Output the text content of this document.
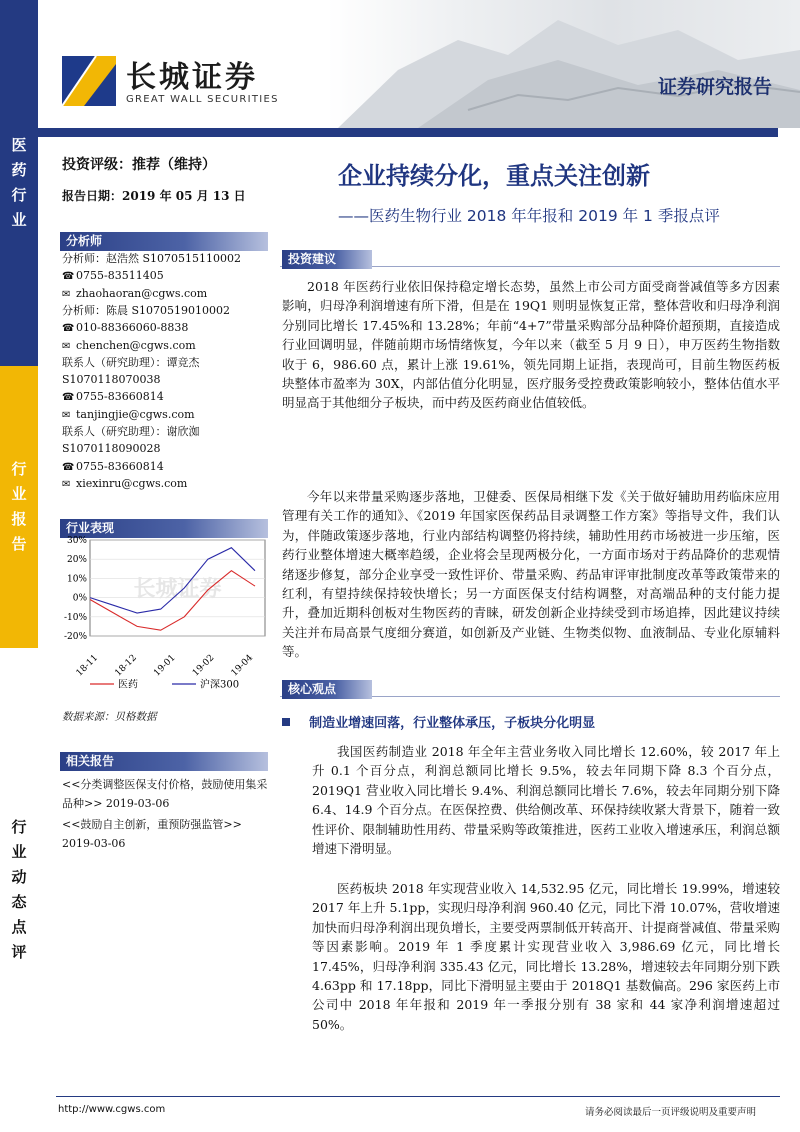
医
药
行
业
行
业
报
告
行
业
动
态
点
评
长城证券
GREAT WALL SECURITIES
证券研究报告
投资评级：推荐（维持）
报告日期：2019 年 05 月 13 日
企业持续分化，重点关注创新
——医药生物行业 2018 年年报和 2019 年 1 季报点评
分析师
分析师：赵浩然 S1070515110002
☎ 0755-83511405
✉ zhaohaoran@cgws.com
分析师：陈晨 S1070519010002
☎ 010-88366060-8838
✉ chenchen@cgws.com
联系人（研究助理）：谭竞杰
S1070118070038
☎ 0755-83660814
✉ tanjingjie@cgws.com
联系人（研究助理）：谢欣洳
S1070118090028
☎ 0755-83660814
✉ xiexinru@cgws.com
行业表现
30%
20%
10%
0%
-10%
-20%
长城证券
18-11 18-12 19-01 19-02 19-04
医药	沪深300
数据来源：贝格数据
相关报告
<<分类调整医保支付价格，鼓励使用集采品种>> 2019-03-06
<<鼓励自主创新，重预防强监管>> 2019-03-06
投资建议
2018 年医药行业依旧保持稳定增长态势，虽然上市公司方面受商誉减值等多方因素影响，归母净利润增速有所下滑，但是在 19Q1 则明显恢复正常，整体营收和归母净利润分别同比增长 17.45%和 13.28%；年前“4+7”带量采购部分品种降价超预期，直接造成行业回调明显，伴随前期市场情绪恢复，今年以来（截至 5 月 9 日），申万医药生物指数收于 6，986.60 点，累计上涨 19.61%，领先同期上证指，表现尚可，目前生物医药板块整体市盈率为 30X，内部估值分化明显，医疗服务受控费政策影响较小，整体估值水平明显高于其他细分子板块，而中药及医药商业估值较低。
今年以来带量采购逐步落地，卫健委、医保局相继下发《关于做好辅助用药临床应用管理有关工作的通知》、《2019 年国家医保药品目录调整工作方案》等指导文件，我们认为，伴随政策逐步落地，行业内部结构调整仍将持续，辅助性用药市场被进一步压缩，医药行业整体增速大概率趋缓，企业将会呈现两极分化，一方面市场对于药品降价的悲观情绪逐步修复，部分企业享受一致性评价、带量采购、药品审评审批制度改革等政策带来的红利，有望持续保持较快增长；另一方面医保支付结构调整，对高端品种的支付能力提升，叠加近期科创板对生物医药的青睐，研发创新企业持续受到市场追捧，因此建议持续关注并布局高景气度细分赛道，如创新及产业链、生物类似物、血液制品、专业化原辅料等。
核心观点
制造业增速回落，行业整体承压，子板块分化明显
我国医药制造业 2018 年全年主营业务收入同比增长 12.60%，较 2017 年上升 0.1 个百分点，利润总额同比增长 9.5%，较去年同期下降 8.3 个百分点，2019Q1 营业收入同比增长 9.4%、利润总额同比增长 7.6%，较去年同期分别下降 6.4、14.9 个百分点。在医保控费、供给侧改革、环保持续收紧大背景下，随着一致性评价、限制辅助性用药、带量采购等政策推进，医药工业收入增速承压，利润总额增速下滑明显。
医药板块 2018 年实现营业收入 14,532.95 亿元，同比增长 19.99%，增速较 2017 年上升 5.1pp，实现归母净利润 960.40 亿元，同比下滑 10.07%，营收增速加快而归母净利润出现负增长，主要受两票制低开转高开、计提商誉减值、带量采购等因素影响。2019 年 1 季度累计实现营业收入 3,986.69 亿元，同比增长 17.45%，归母净利润 335.43 亿元，同比增长 13.28%，增速较去年同期分别下跌 4.63pp 和 17.18pp，同比下滑明显主要由于 2018Q1 基数偏高。296 家医药上市公司中 2018 年年报和 2019 年一季报分别有 38 家和 44 家净利润增速超过 50%。
http://www.cgws.com	请务必阅读最后一页评级说明及重要声明
